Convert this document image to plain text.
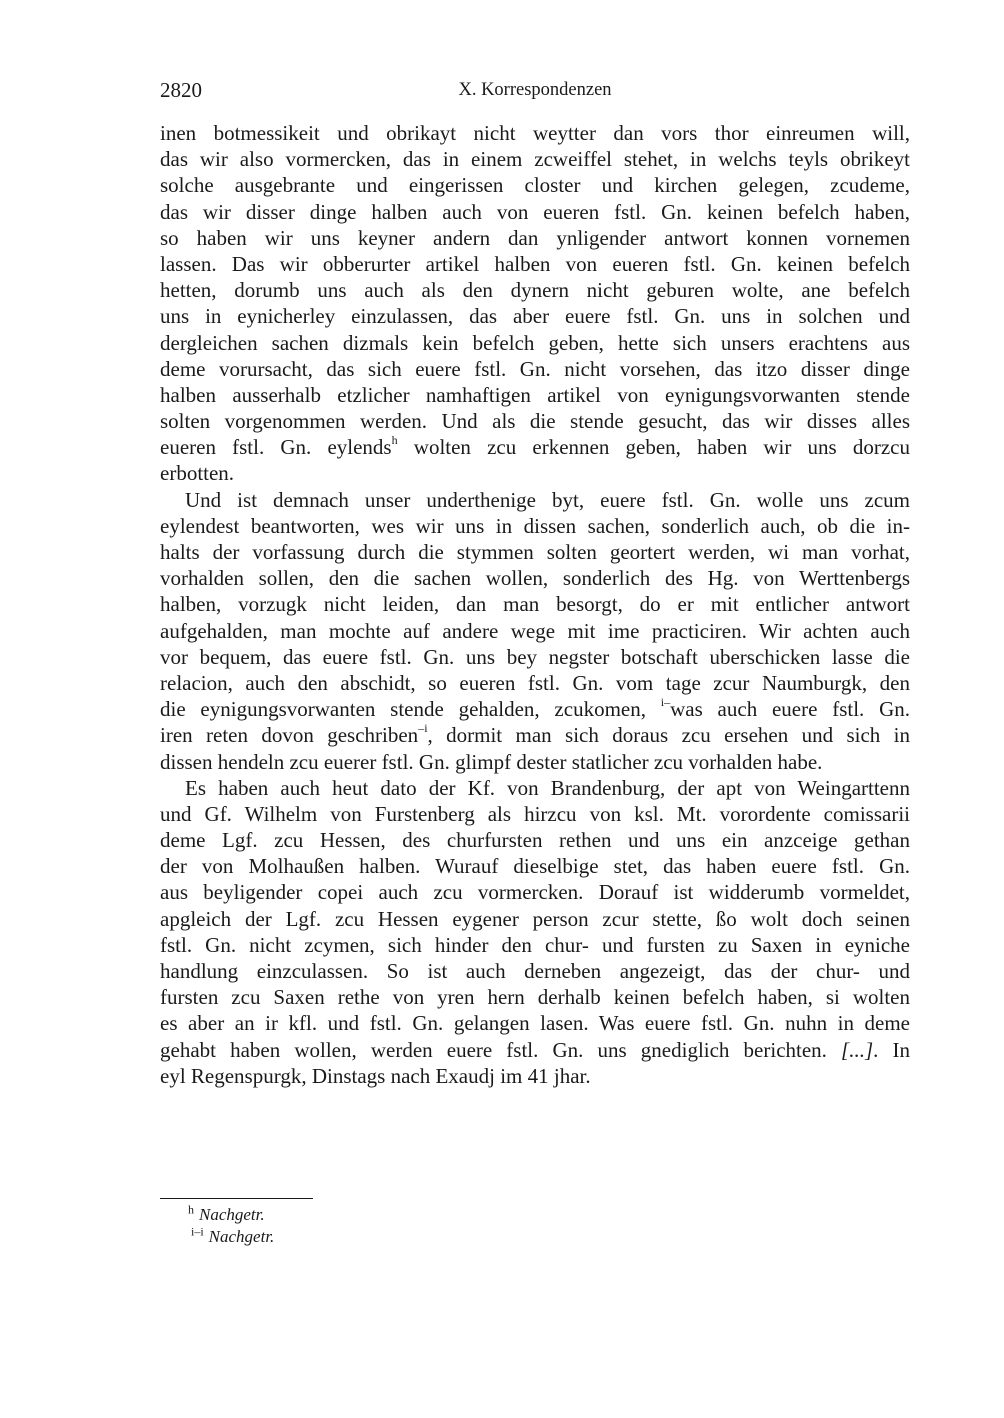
2820	X. Korrespondenzen
inen botmessikeit und obrikayt nicht weytter dan vors thor einreumen will,
das wir also vormercken, das in einem zcweiffel stehet, in welchs teyls obrikeyt
solche ausgebrante und eingerissen closter und kirchen gelegen, zcudeme,
das wir disser dinge halben auch von eueren fstl. Gn. keinen befelch haben,
so haben wir uns keyner andern dan ynligender antwort konnen vornemen
lassen. Das wir obberurter artikel halben von eueren fstl. Gn. keinen befelch
hetten, dorumb uns auch als den dynern nicht geburen wolte, ane befelch
uns in eynicherley einzulassen, das aber euere fstl. Gn. uns in solchen und
dergleichen sachen dizmals kein befelch geben, hette sich unsers erachtens aus
deme vorursacht, das sich euere fstl. Gn. nicht vorsehen, das itzo disser dinge
halben ausserhalb etzlicher namhaftigen artikel von eynigungsvorwanten stende
solten vorgenommen werden. Und als die stende gesucht, das wir disses alles
eueren fstl. Gn. eylends$^h$ wolten zcu erkennen geben, haben wir uns dorzcu
erbotten.
Und ist demnach unser underthenige byt, euere fstl. Gn. wolle uns zcum
eylendest beantworten, wes wir uns in dissen sachen, sonderlich auch, ob die in-
halts der vorfassung durch die stymmen solten geortert werden, wi man vorhat,
vorhalden sollen, den die sachen wollen, sonderlich des Hg. von Werttenbergs
halben, vorzugk nicht leiden, dan man besorgt, do er mit entlicher antwort
aufgehalden, man mochte auf andere wege mit ime practiciren. Wir achten auch
vor bequem, das euere fstl. Gn. uns bey negster botschaft uberschicken lasse die
relacion, auch den abschidt, so eueren fstl. Gn. vom tage zcur Naumburgk, den
die eynigungsvorwanten stende gehalden, zcukomen, $^{i-}$was auch euere fstl. Gn.
iren reten dovon geschriben$^{-i}$, dormit man sich doraus zcu ersehen und sich in
dissen hendeln zcu euerer fstl. Gn. glimpf dester statlicher zcu vorhalden habe.
Es haben auch heut dato der Kf. von Brandenburg, der apt von Weingarttenn
und Gf. Wilhelm von Furstenberg als hirzcu von ksl. Mt. vorordente comissarii
deme Lgf. zcu Hessen, des churfursten rethen und uns ein anzceige gethan
der von Molhaußen halben. Wurauf dieselbige stet, das haben euere fstl. Gn.
aus beyligender copei auch zcu vormercken. Dorauf ist widderumb vormeldet,
apgleich der Lgf. zcu Hessen eygener person zcur stette, ßo wolt doch seinen
fstl. Gn. nicht zcymen, sich hinder den chur- und fursten zu Saxen in eyniche
handlung einzculassen. So ist auch derneben angezeigt, das der chur- und
fursten zcu Saxen rethe von yren hern derhalb keinen befelch haben, si wolten
es aber an ir kfl. und fstl. Gn. gelangen lasen. Was euere fstl. Gn. nuhn in deme
gehabt haben wollen, werden euere fstl. Gn. uns gnediglich berichten. [...]. In
eyl Regenspurgk, Dinstags nach Exaudj im 41 jhar.
$^h$ Nachgetr.
$^{i-i}$ Nachgetr.
